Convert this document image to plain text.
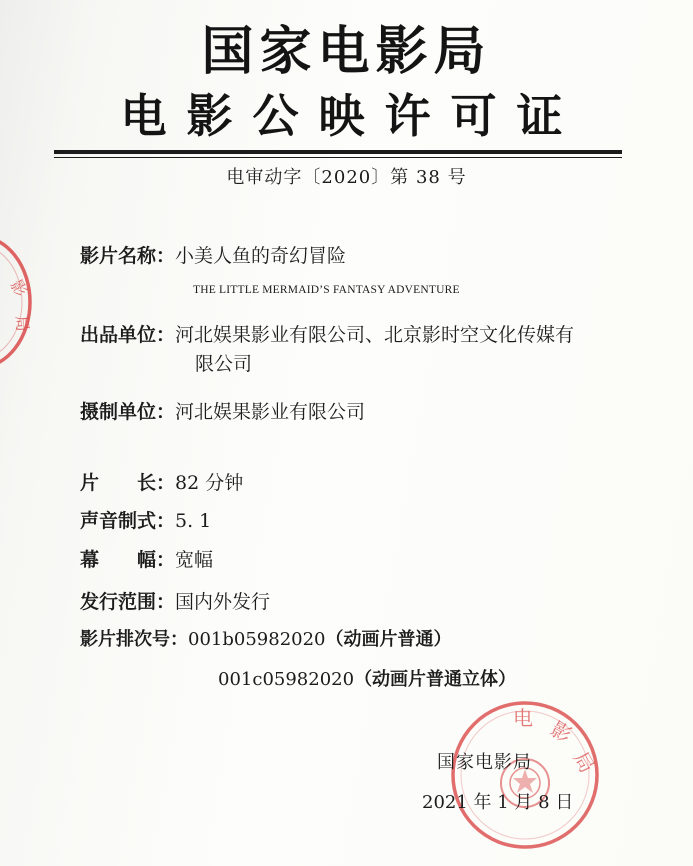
国家电影局
电影公映许可证
电审动字〔2020〕第 38 号
影片名称：小美人鱼的奇幻冒险
THE LITTLE MERMAID’S FANTASY ADVENTURE
出品单位：河北娱果影业有限公司、北京影时空文化传媒有
限公司
摄制单位：河北娱果影业有限公司
片　　长：82 分钟
声音制式：5. 1
幕　　幅：宽幅
发行范围：国内外发行
影片排次号：001b05982020（动画片普通）
001c05982020（动画片普通立体）
影
局
电 影
局
国家电影局
2021 年 1 月 8 日
